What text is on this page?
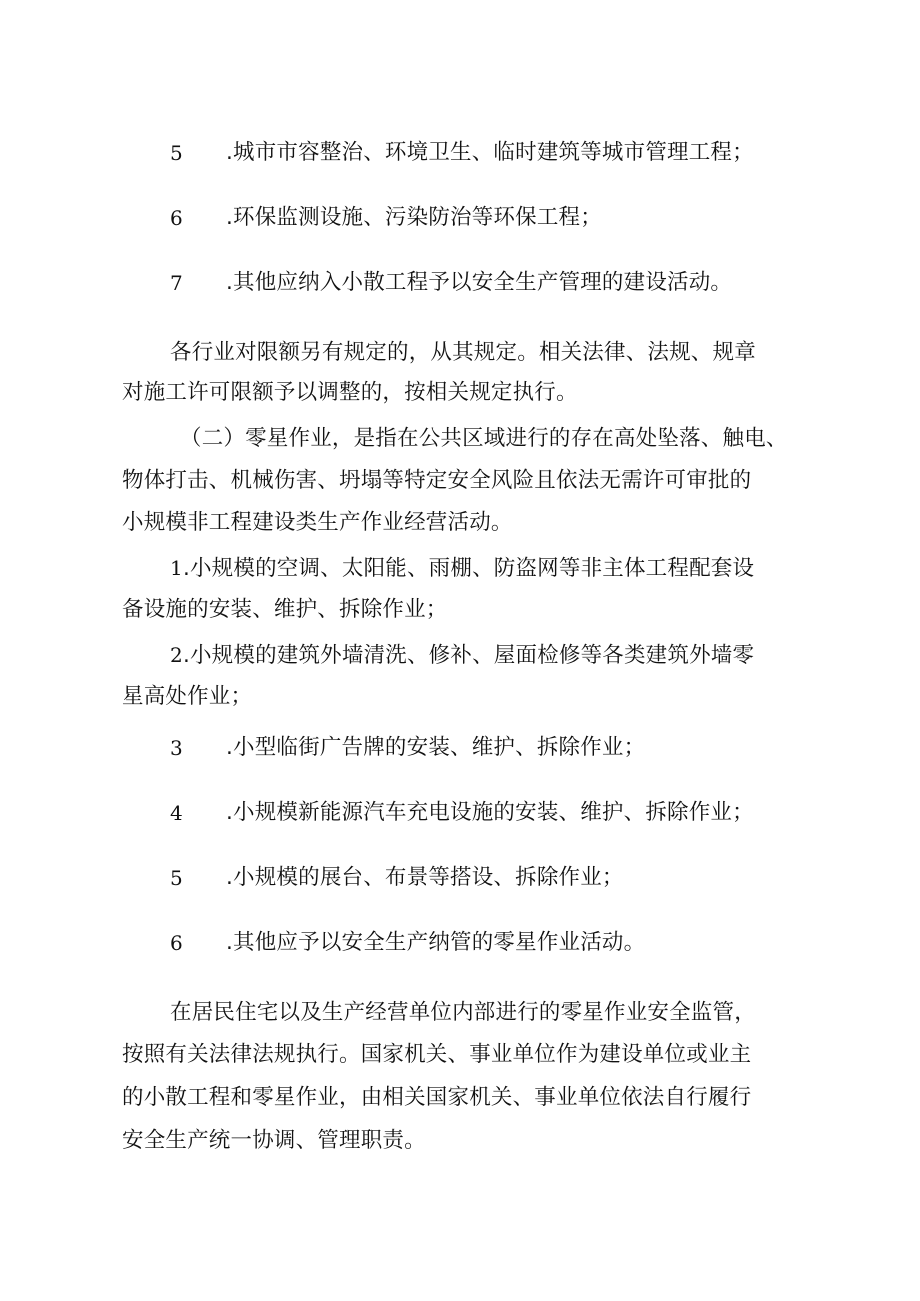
5 .城市市容整治、环境卫生、临时建筑等城市管理工程；
6 .环保监测设施、污染防治等环保工程；
7 .其他应纳入小散工程予以安全生产管理的建设活动。
各行业对限额另有规定的，从其规定。相关法律、法规、规章
对施工许可限额予以调整的，按相关规定执行。
（二）零星作业，是指在公共区域进行的存在高处坠落、触电、
物体打击、机械伤害、坍塌等特定安全风险且依法无需许可审批的
小规模非工程建设类生产作业经营活动。
1.小规模的空调、太阳能、雨棚、防盗网等非主体工程配套设
备设施的安装、维护、拆除作业；
2.小规模的建筑外墙清洗、修补、屋面检修等各类建筑外墙零
星高处作业；
3 .小型临街广告牌的安装、维护、拆除作业；
4 .小规模新能源汽车充电设施的安装、维护、拆除作业；
5 .小规模的展台、布景等搭设、拆除作业；
6 .其他应予以安全生产纳管的零星作业活动。
在居民住宅以及生产经营单位内部进行的零星作业安全监管，
按照有关法律法规执行。国家机关、事业单位作为建设单位或业主
的小散工程和零星作业，由相关国家机关、事业单位依法自行履行
安全生产统一协调、管理职责。
